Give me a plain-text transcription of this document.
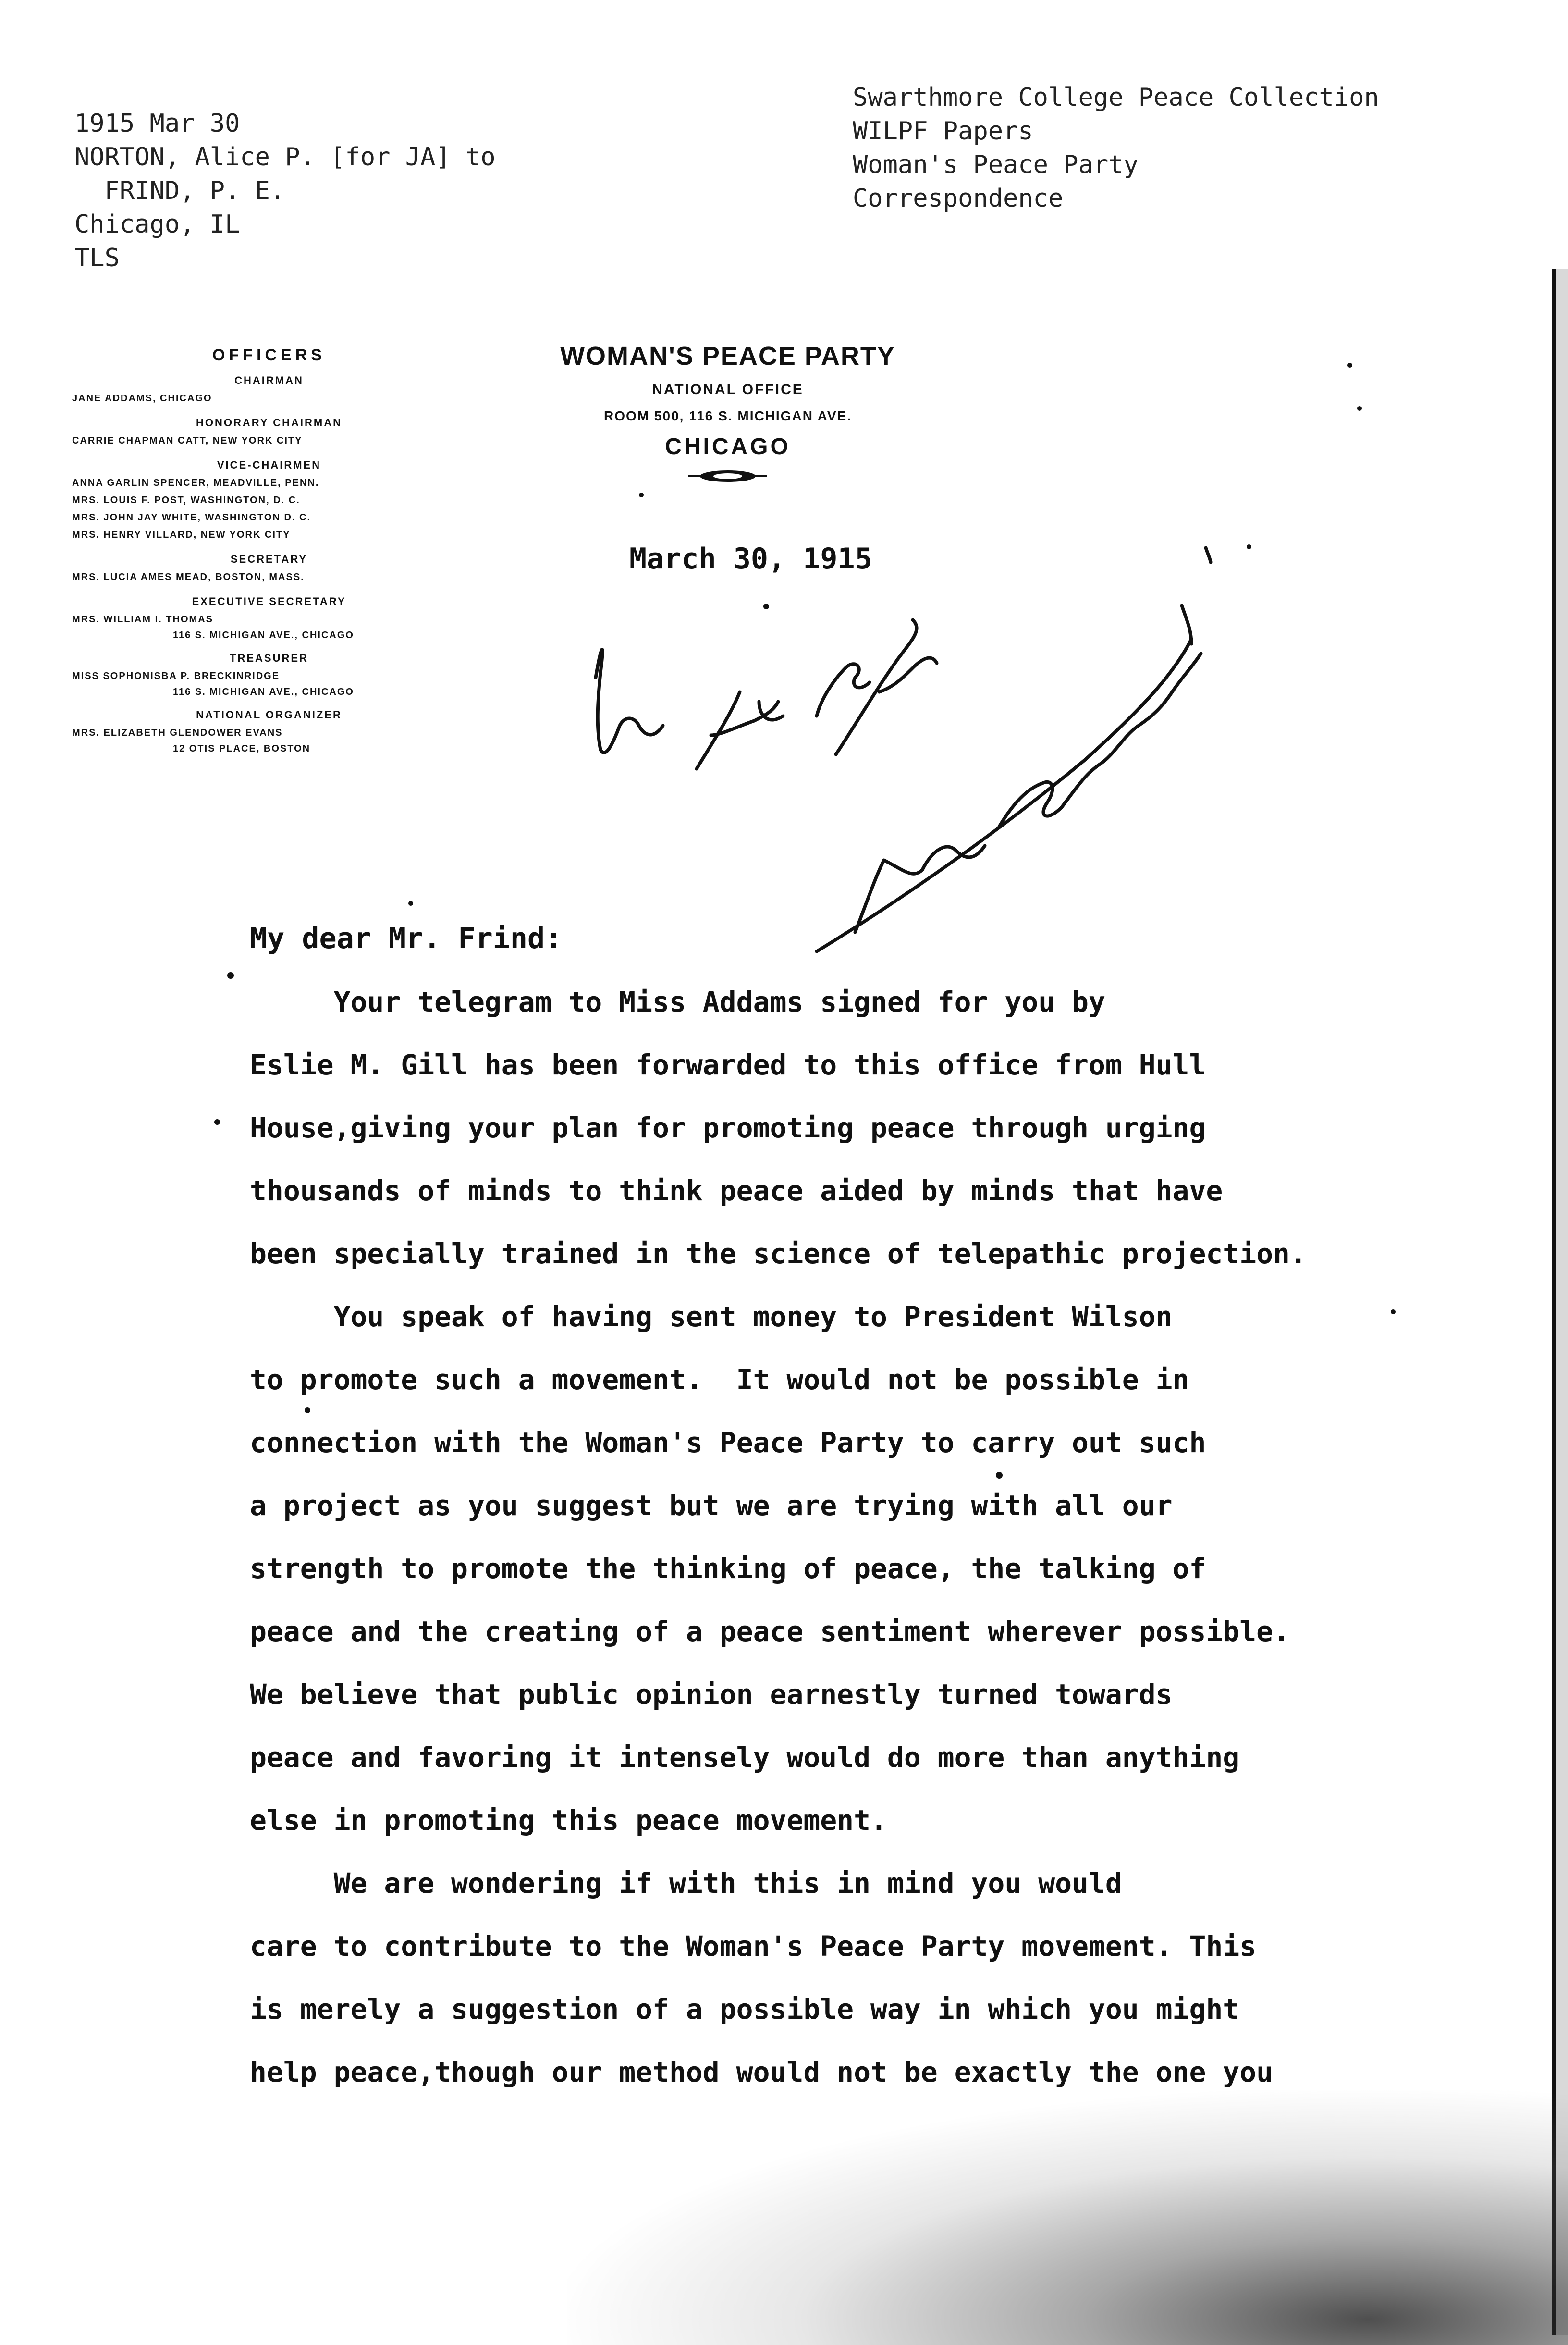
1915 Mar 30
NORTON, Alice P. [for JA] to
FRIND, P. E.
Chicago, IL
TLS
Swarthmore College Peace Collection
WILPF Papers
Woman's Peace Party
Correspondence
OFFICERS
CHAIRMAN
JANE ADDAMS, CHICAGO
HONORARY CHAIRMAN
CARRIE CHAPMAN CATT, NEW YORK CITY
VICE-CHAIRMEN
ANNA GARLIN SPENCER, MEADVILLE, PENN.
MRS. LOUIS F. POST, WASHINGTON, D. C.
MRS. JOHN JAY WHITE, WASHINGTON D. C.
MRS. HENRY VILLARD, NEW YORK CITY
SECRETARY
MRS. LUCIA AMES MEAD, BOSTON, MASS.
EXECUTIVE SECRETARY
MRS. WILLIAM I. THOMAS
116 S. MICHIGAN AVE., CHICAGO
TREASURER
MISS SOPHONISBA P. BRECKINRIDGE
116 S. MICHIGAN AVE., CHICAGO
NATIONAL ORGANIZER
MRS. ELIZABETH GLENDOWER EVANS
12 OTIS PLACE, BOSTON
WOMAN'S PEACE PARTY
NATIONAL OFFICE
ROOM 500, 116 S. MICHIGAN AVE.
CHICAGO
March 30, 1915
My dear Mr. Frind:
Your telegram to Miss Addams signed for you by
Eslie M. Gill has been forwarded to this office from Hull
House,giving your plan for promoting peace through urging
thousands of minds to think peace aided by minds that have
been specially trained in the science of telepathic projection.
You speak of having sent money to President Wilson
to promote such a movement.  It would not be possible in
connection with the Woman's Peace Party to carry out such
a project as you suggest but we are trying with all our
strength to promote the thinking of peace, the talking of
peace and the creating of a peace sentiment wherever possible.
We believe that public opinion earnestly turned towards
peace and favoring it intensely would do more than anything
else in promoting this peace movement.
We are wondering if with this in mind you would
care to contribute to the Woman's Peace Party movement. This
is merely a suggestion of a possible way in which you might
help peace,though our method would not be exactly the one you
